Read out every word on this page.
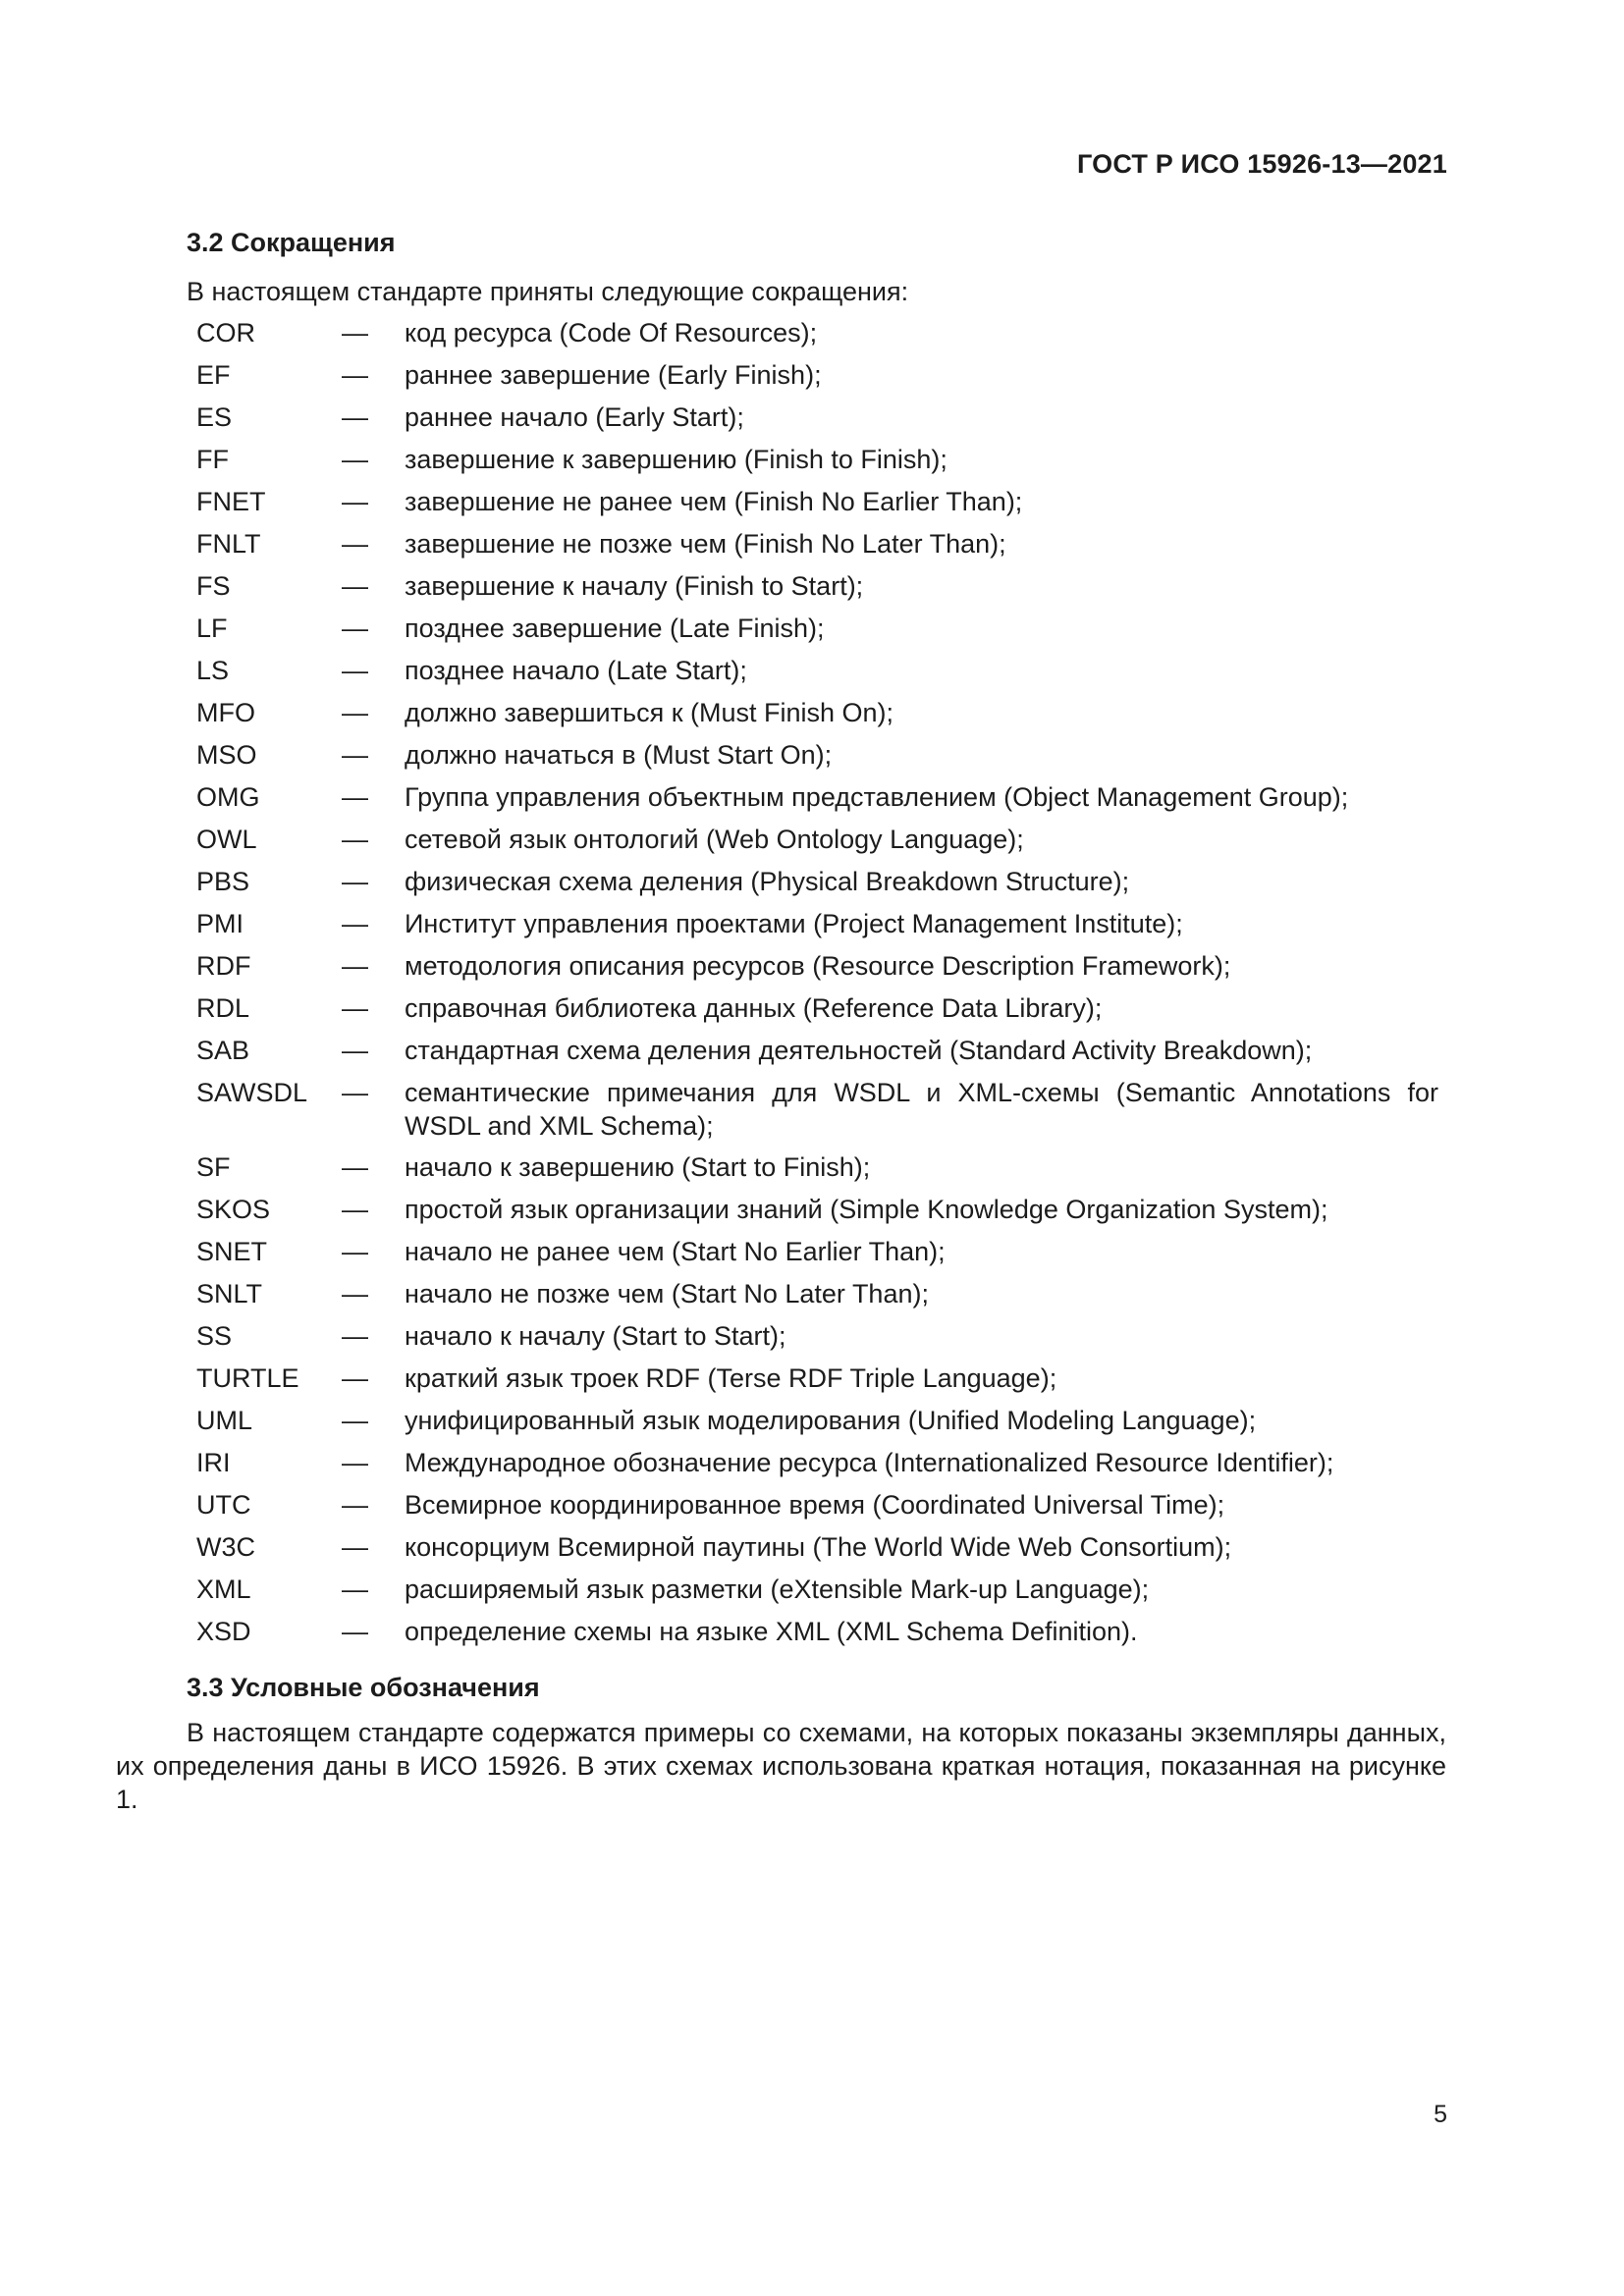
ГОСТ Р ИСО 15926-13—2021
3.2 Сокращения
В настоящем стандарте приняты следующие сокращения:
COR	—	код ресурса (Code Of Resources);
EF	—	раннее завершение (Early Finish);
ES	—	раннее начало (Early Start);
FF	—	завершение к завершению (Finish to Finish);
FNET	—	завершение не ранее чем (Finish No Earlier Than);
FNLT	—	завершение не позже чем (Finish No Later Than);
FS	—	завершение к началу (Finish to Start);
LF	—	позднее завершение (Late Finish);
LS	—	позднее начало (Late Start);
MFO	—	должно завершиться к (Must Finish On);
MSO	—	должно начаться в (Must Start On);
OMG	—	Группа управления объектным представлением (Object Management Group);
OWL	—	сетевой язык онтологий (Web Ontology Language);
PBS	—	физическая схема деления (Physical Breakdown Structure);
PMI	—	Институт управления проектами (Project Management Institute);
RDF	—	методология описания ресурсов (Resource Description Framework);
RDL	—	справочная библиотека данных (Reference Data Library);
SAB	—	стандартная схема деления деятельностей (Standard Activity Breakdown);
SAWSDL	—	семантические примечания для WSDL и XML-схемы (Semantic Annotations for WSDL and XML Schema);
SF	—	начало к завершению (Start to Finish);
SKOS	—	простой язык организации знаний (Simple Knowledge Organization System);
SNET	—	начало не ранее чем (Start No Earlier Than);
SNLT	—	начало не позже чем (Start No Later Than);
SS	—	начало к началу (Start to Start);
TURTLE	—	краткий язык троек RDF (Terse RDF Triple Language);
UML	—	унифицированный язык моделирования (Unified Modeling Language);
IRI	—	Международное обозначение ресурса (Internationalized Resource Identifier);
UTC	—	Всемирное координированное время (Coordinated Universal Time);
W3C	—	консорциум Всемирной паутины (The World Wide Web Consortium);
XML	—	расширяемый язык разметки (eXtensible Mark-up Language);
XSD	—	определение схемы на языке XML (XML Schema Definition).
3.3 Условные обозначения

В настоящем стандарте содержатся примеры со схемами, на которых показаны экземпляры данных, их определения даны в ИСО 15926. В этих схемах использована краткая нотация, показанная на рисунке 1.

5
